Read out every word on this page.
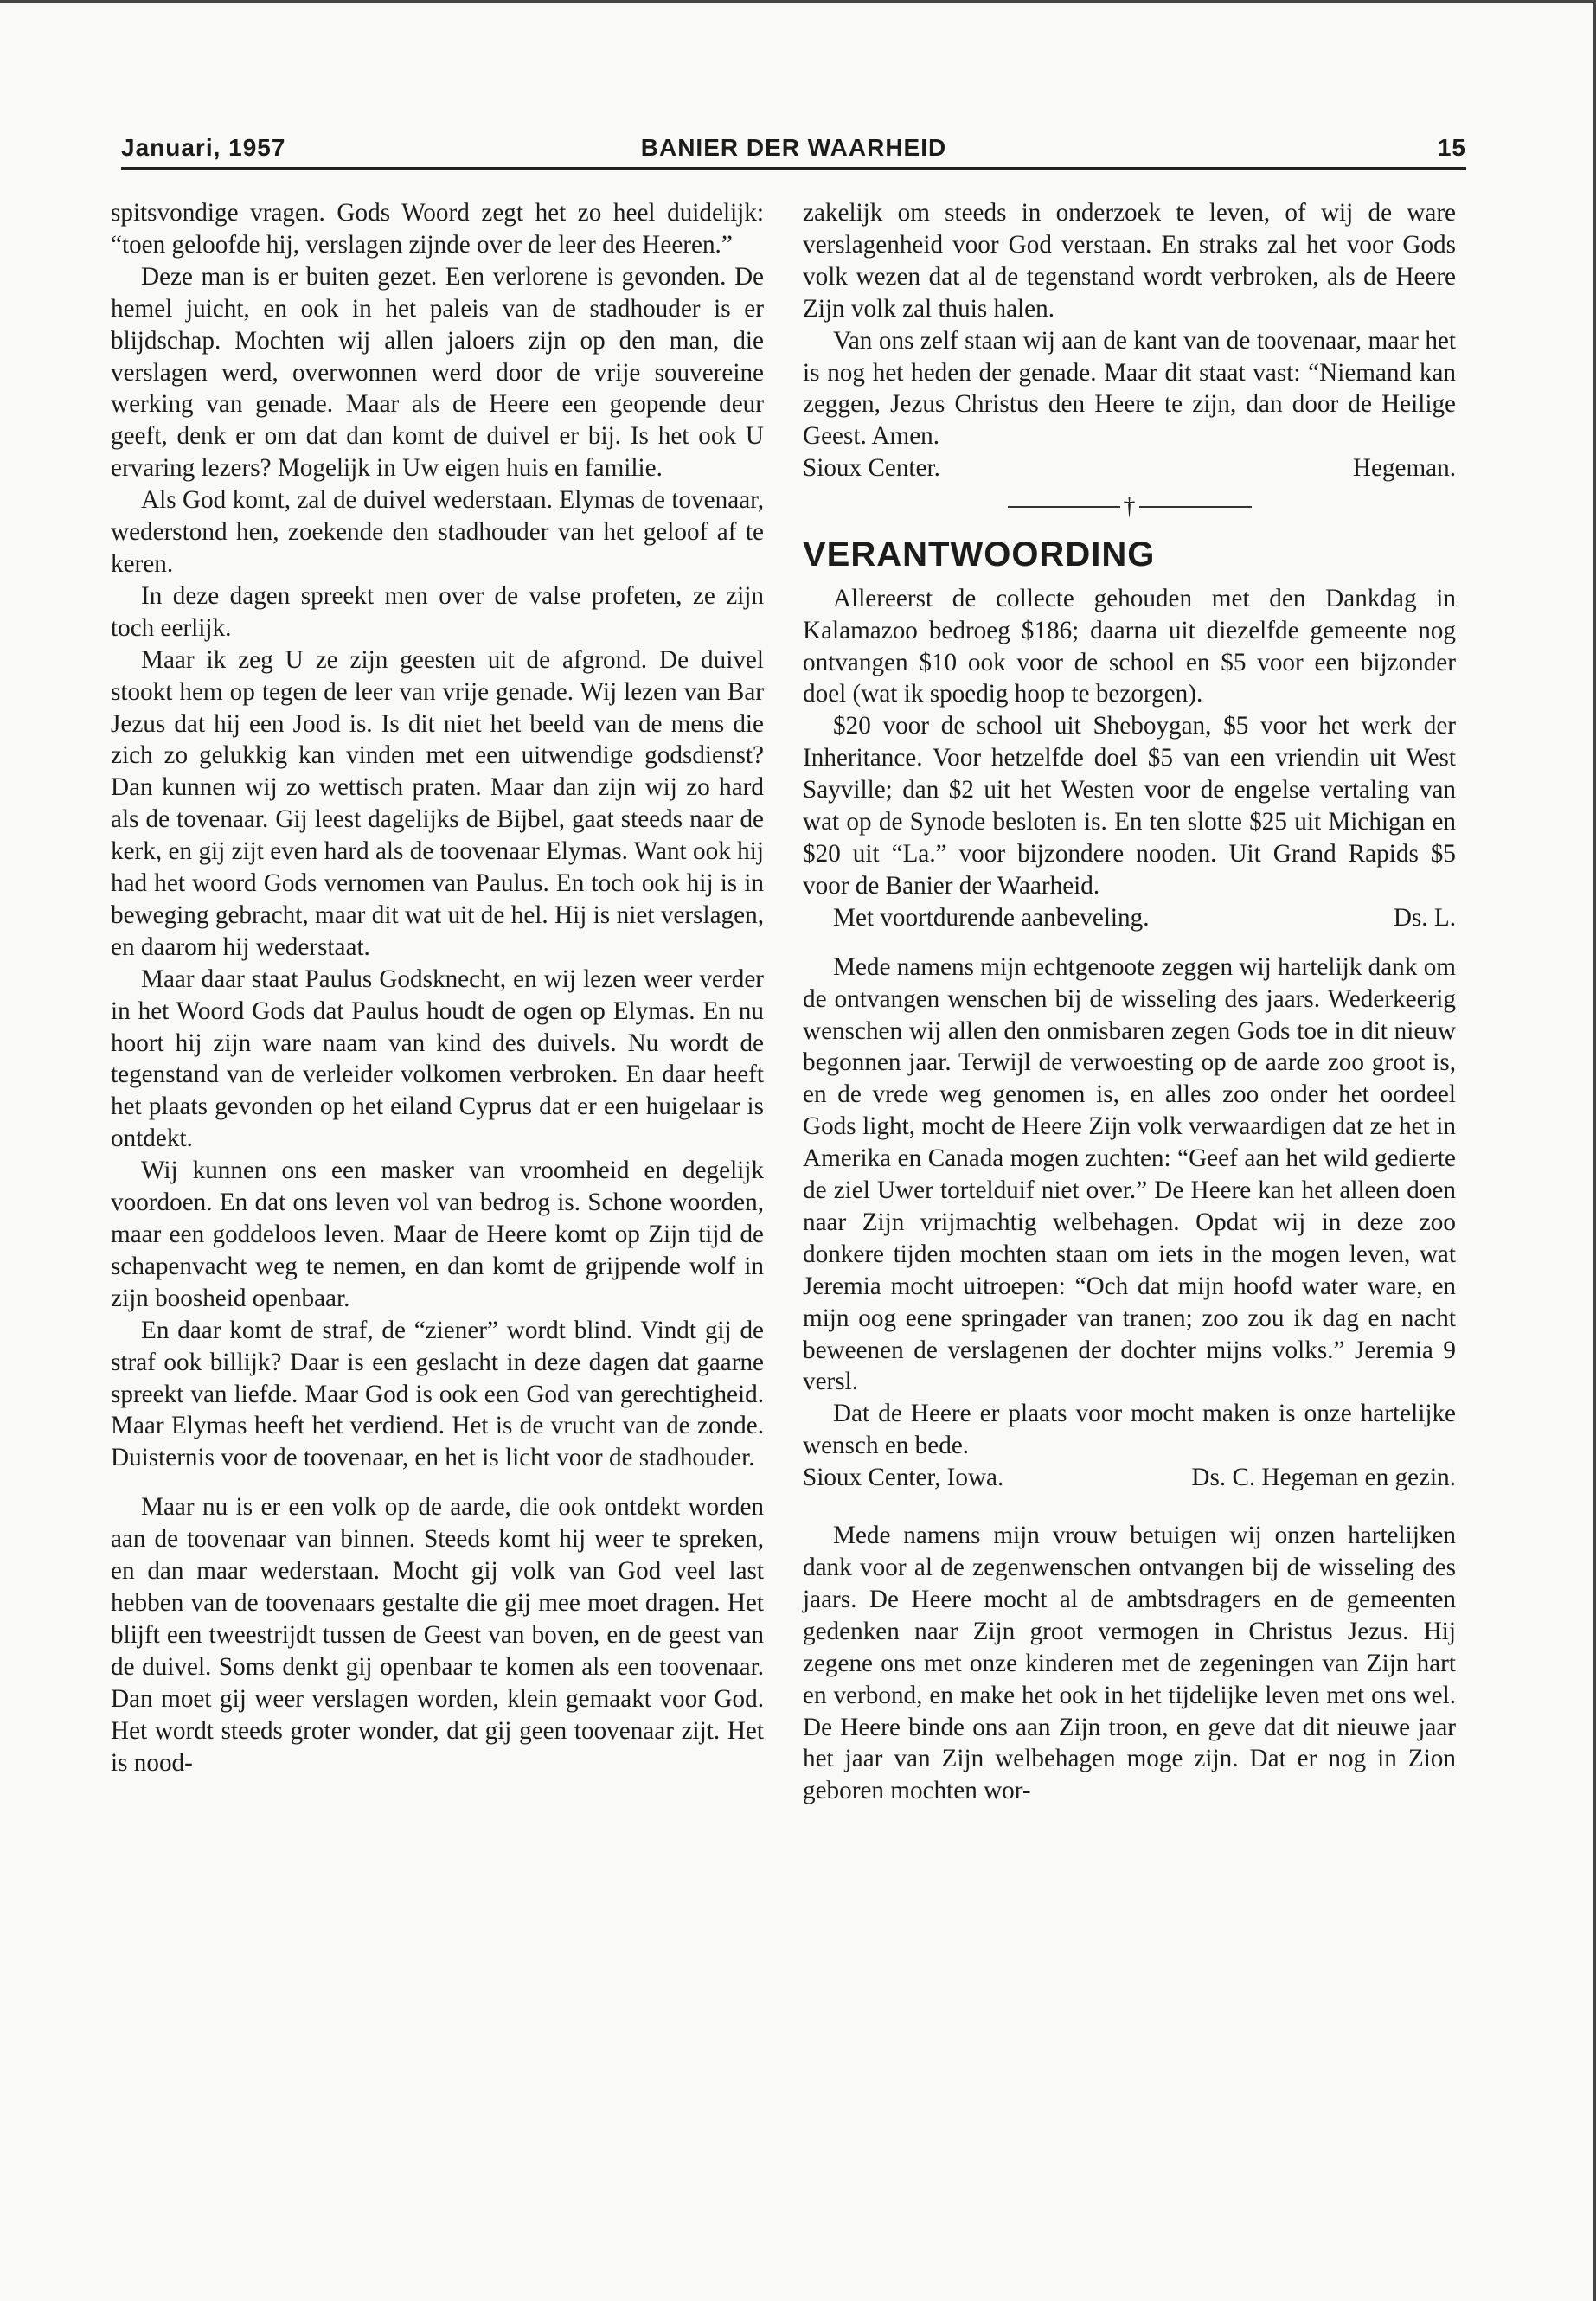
Januari, 1957	BANIER DER WAARHEID	15

spitsvondige vragen. Gods Woord zegt het zo heel duidelijk: “toen geloofde hij, verslagen zijnde over de leer des Heeren.”

Deze man is er buiten gezet. Een verlorene is gevonden. De hemel juicht, en ook in het paleis van de stadhouder is er blijdschap. Mochten wij allen jaloers zijn op den man, die verslagen werd, overwonnen werd door de vrije souvereine werking van genade. Maar als de Heere een geopende deur geeft, denk er om dat dan komt de duivel er bij. Is het ook U ervaring lezers? Mogelijk in Uw eigen huis en familie.

Als God komt, zal de duivel wederstaan. Elymas de tovenaar, wederstond hen, zoekende den stadhouder van het geloof af te keren.

In deze dagen spreekt men over de valse profeten, ze zijn toch eerlijk.

Maar ik zeg U ze zijn geesten uit de afgrond. De duivel stookt hem op tegen de leer van vrije genade. Wij lezen van Bar Jezus dat hij een Jood is. Is dit niet het beeld van de mens die zich zo gelukkig kan vinden met een uitwendige godsdienst? Dan kunnen wij zo wettisch praten. Maar dan zijn wij zo hard als de tovenaar. Gij leest dagelijks de Bijbel, gaat steeds naar de kerk, en gij zijt even hard als de toovenaar Elymas. Want ook hij had het woord Gods vernomen van Paulus. En toch ook hij is in beweging gebracht, maar dit wat uit de hel. Hij is niet verslagen, en daarom hij wederstaat.

Maar daar staat Paulus Godsknecht, en wij lezen weer verder in het Woord Gods dat Paulus houdt de ogen op Elymas. En nu hoort hij zijn ware naam van kind des duivels. Nu wordt de tegenstand van de verleider volkomen verbroken. En daar heeft het plaats gevonden op het eiland Cyprus dat er een huigelaar is ontdekt.

Wij kunnen ons een masker van vroomheid en degelijk voordoen. En dat ons leven vol van bedrog is. Schone woorden, maar een goddeloos leven. Maar de Heere komt op Zijn tijd de schapenvacht weg te nemen, en dan komt de grijpende wolf in zijn boosheid openbaar.

En daar komt de straf, de “ziener” wordt blind. Vindt gij de straf ook billijk? Daar is een geslacht in deze dagen dat gaarne spreekt van liefde. Maar God is ook een God van gerechtigheid. Maar Elymas heeft het verdiend. Het is de vrucht van de zonde. Duisternis voor de toovenaar, en het is licht voor de stadhouder.

Maar nu is er een volk op de aarde, die ook ontdekt worden aan de toovenaar van binnen. Steeds komt hij weer te spreken, en dan maar wederstaan. Mocht gij volk van God veel last hebben van de toovenaars gestalte die gij mee moet dragen. Het blijft een tweestrijdt tussen de Geest van boven, en de geest van de duivel. Soms denkt gij openbaar te komen als een toovenaar. Dan moet gij weer verslagen worden, klein gemaakt voor God. Het wordt steeds groter wonder, dat gij geen toovenaar zijt. Het is nood-

zakelijk om steeds in onderzoek te leven, of wij de ware verslagenheid voor God verstaan. En straks zal het voor Gods volk wezen dat al de tegenstand wordt verbroken, als de Heere Zijn volk zal thuis halen.

Van ons zelf staan wij aan de kant van de toovenaar, maar het is nog het heden der genade. Maar dit staat vast: “Niemand kan zeggen, Jezus Christus den Heere te zijn, dan door de Heilige Geest. Amen.

Sioux Center.	Hegeman.
†
VERANTWOORDING

Allereerst de collecte gehouden met den Dankdag in Kalamazoo bedroeg $186; daarna uit diezelfde gemeente nog ontvangen $10 ook voor de school en $5 voor een bijzonder doel (wat ik spoedig hoop te bezorgen).

$20 voor de school uit Sheboygan, $5 voor het werk der Inheritance. Voor hetzelfde doel $5 van een vriendin uit West Sayville; dan $2 uit het Westen voor de engelse vertaling van wat op de Synode besloten is. En ten slotte $25 uit Michigan en $20 uit “La.” voor bijzondere nooden. Uit Grand Rapids $5 voor de Banier der Waarheid.

Met voortdurende aanbeveling.	Ds. L.

Mede namens mijn echtgenoote zeggen wij hartelijk dank om de ontvangen wenschen bij de wisseling des jaars. Wederkeerig wenschen wij allen den onmisbaren zegen Gods toe in dit nieuw begonnen jaar. Terwijl de verwoesting op de aarde zoo groot is, en de vrede weg genomen is, en alles zoo onder het oordeel Gods light, mocht de Heere Zijn volk verwaardigen dat ze het in Amerika en Canada mogen zuchten: “Geef aan het wild gedierte de ziel Uwer tortelduif niet over.” De Heere kan het alleen doen naar Zijn vrijmachtig welbehagen. Opdat wij in deze zoo donkere tijden mochten staan om iets in the mogen leven, wat Jeremia mocht uitroepen: “Och dat mijn hoofd water ware, en mijn oog eene springader van tranen; zoo zou ik dag en nacht beweenen de verslagenen der dochter mijns volks.” Jeremia 9 versl.

Dat de Heere er plaats voor mocht maken is onze hartelijke wensch en bede.

Sioux Center, Iowa.	Ds. C. Hegeman en gezin.

Mede namens mijn vrouw betuigen wij onzen hartelijken dank voor al de zegenwenschen ontvangen bij de wisseling des jaars. De Heere mocht al de ambtsdragers en de gemeenten gedenken naar Zijn groot vermogen in Christus Jezus. Hij zegene ons met onze kinderen met de zegeningen van Zijn hart en verbond, en make het ook in het tijdelijke leven met ons wel. De Heere binde ons aan Zijn troon, en geve dat dit nieuwe jaar het jaar van Zijn welbehagen moge zijn. Dat er nog in Zion geboren mochten wor-
